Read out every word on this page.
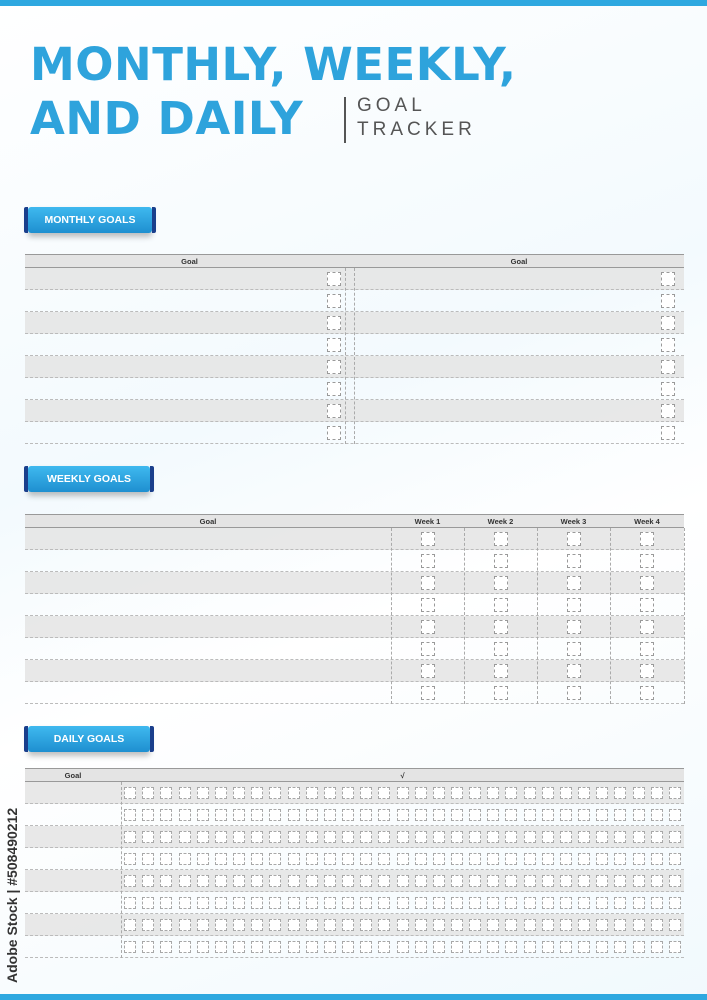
MONTHLY, WEEKLY,
AND DAILY	GOAL
TRACKER
MONTHLY GOALS
Goal	Goal
WEEKLY GOALS
Goal	Week 1	Week 2	Week 3	Week 4
DAILY GOALS
Goal	√
Adobe Stock | #508490212
